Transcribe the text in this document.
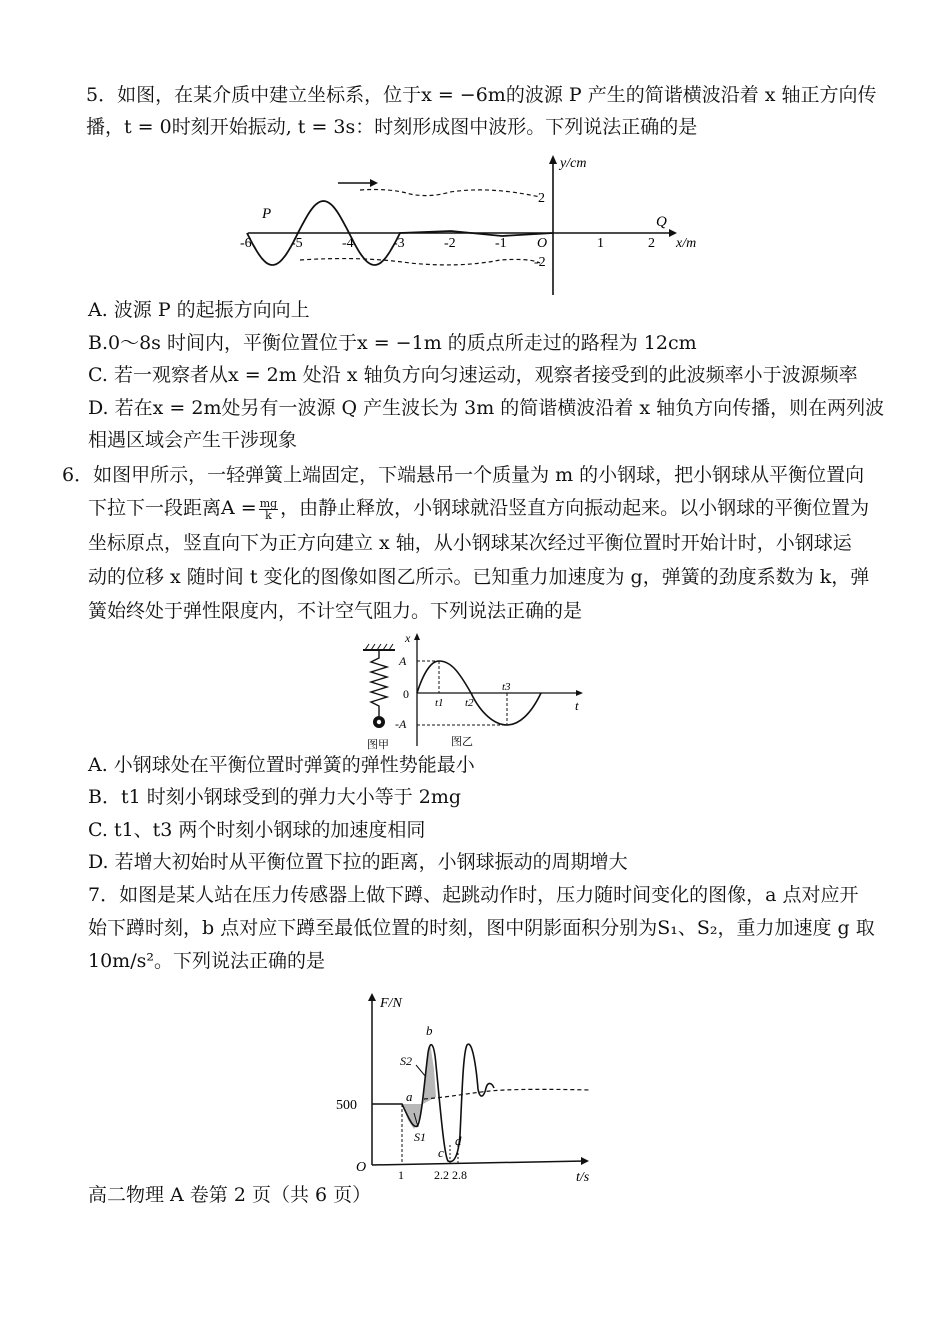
5．如图，在某介质中建立坐标系，位于x = −6m的波源 P 产生的简谐横波沿着 x 轴正方向传
播，t = 0时刻开始振动, t = 3s：时刻形成图中波形。下列说法正确的是
y/cm
x/m
-6	-5	-4	-3	-2	-1 O	1	2
2
-2
P	Q
A. 波源 P 的起振方向向上
B.0～8s 时间内，平衡位置位于x = −1m 的质点所走过的路程为 12cm
C. 若一观察者从x = 2m 处沿 x 轴负方向匀速运动，观察者接受到的此波频率小于波源频率
D. 若在x = 2m处另有一波源 Q 产生波长为 3m 的简谐横波沿着 x 轴负方向传播，则在两列波
相遇区域会产生干涉现象
6．如图甲所示，一轻弹簧上端固定，下端悬吊一个质量为 m 的小钢球，把小钢球从平衡位置向
下拉下一段距离$A = \frac{mg}{k}$ ，由静止释放，小钢球就沿竖直方向振动起来。以小钢球的平衡位置为
坐标原点，竖直向下为正方向建立 x 轴，从小钢球某次经过平衡位置时开始计时，小钢球运
动的位移 x 随时间 t 变化的图像如图乙所示。已知重力加速度为 g，弹簧的劲度系数为 k，弹
簧始终处于弹性限度内，不计空气阻力。下列说法正确的是
图甲
x
t
A
0
-A
t1 t2
t3
图乙
A. 小钢球处在平衡位置时弹簧的弹性势能最小
B．t1 时刻小钢球受到的弹力大小等于 2mg
C. t1、t3 两个时刻小钢球的加速度相同
D. 若增大初始时从平衡位置下拉的距离，小钢球振动的周期增大
7．如图是某人站在压力传感器上做下蹲、起跳动作时，压力随时间变化的图像，a 点对应开
始下蹲时刻，b 点对应下蹲至最低位置的时刻，图中阴影面积分别为S₁、S₂，重力加速度 g 取
10m/s²。下列说法正确的是
F/N
t/s
500
O
a
b
c
d
S2
S1
1	2.2 2.8
高二物理 A 卷第 2 页（共 6 页）
